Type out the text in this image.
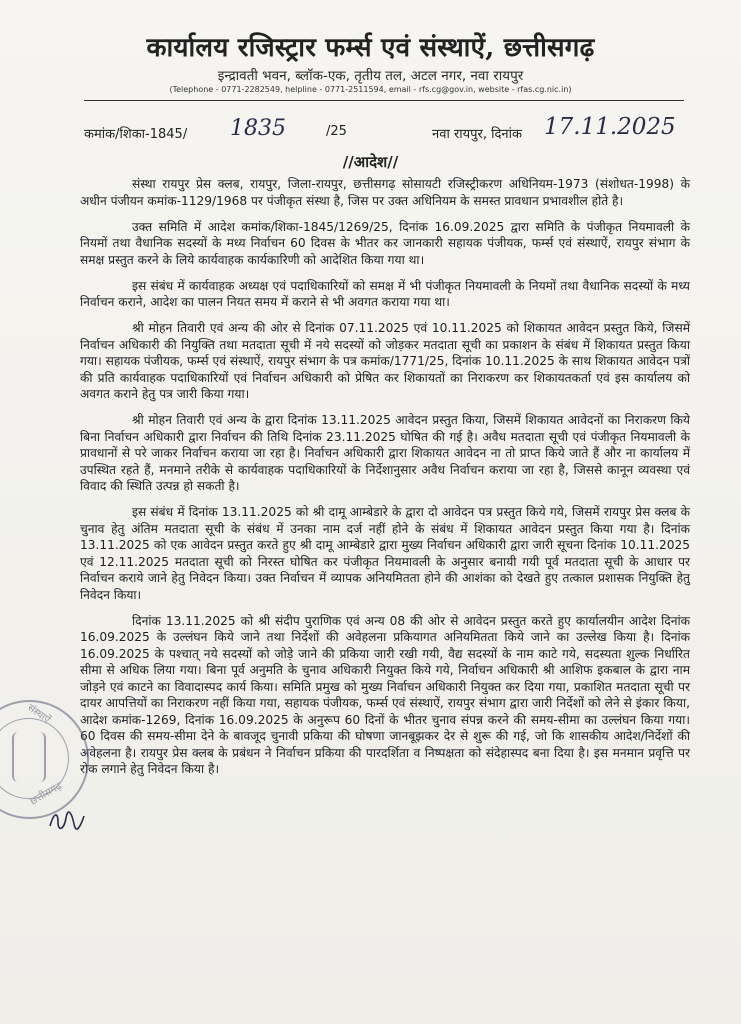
कार्यालय रजिस्ट्रार फर्म्स एवं संस्थाऐं, छत्तीसगढ़
इन्द्रावती भवन, ब्लॉक-एक, तृतीय तल, अटल नगर, नवा रायपुर
(Telephone - 0771-2282549, helpline - 0771-2511594, email - rfs.cg@gov.in, website - rfas.cg.nic.in)
कमांक/शिका-1845/ 1835	/25	नवा रायपुर, दिनांक 17.11.2025
//आदेश//

संस्था रायपुर प्रेस क्लब, रायपुर, जिला-रायपुर, छत्तीसगढ़ सोसायटी रजिस्ट्रीकरण अधिनियम-1973 (संशोधत-1998) के अधीन पंजीयन कमांक-1129/1968 पर पंजीकृत संस्था है, जिस पर उक्त अधिनियम के समस्त प्रावधान प्रभावशील होते है।

उक्त समिति में आदेश कमांक/शिका-1845/1269/25, दिनांक 16.09.2025 द्वारा समिति के पंजीकृत नियमावली के नियमों तथा वैधानिक सदस्यों के मध्य निर्वाचन 60 दिवस के भीतर कर जानकारी सहायक पंजीयक, फर्म्स एवं संस्थाऐं, रायपुर संभाग के समक्ष प्रस्तुत करने के लिये कार्यवाहक कार्यकारिणी को आदेशित किया गया था।

इस संबंध में कार्यवाहक अध्यक्ष एवं पदाधिकारियों को समक्ष में भी पंजीकृत नियमावली के नियमों तथा वैधानिक सदस्यों के मध्य निर्वाचन कराने, आदेश का पालन नियत समय में कराने से भी अवगत कराया गया था।

श्री मोहन तिवारी एवं अन्य की ओर से दिनांक 07.11.2025 एवं 10.11.2025 को शिकायत आवेदन प्रस्तुत किये, जिसमें निर्वाचन अधिकारी की नियुक्ति तथा मतदाता सूची में नये सदस्यों को जोड़कर मतदाता सूची का प्रकाशन के संबंध में शिकायत प्रस्तुत किया गया। सहायक पंजीयक, फर्म्स एवं संस्थाऐं, रायपुर संभाग के पत्र कमांक/1771/25, दिनांक 10.11.2025 के साथ शिकायत आवेदन पत्रों की प्रति कार्यवाहक पदाधिकारियों एवं निर्वाचन अधिकारी को प्रेषित कर शिकायतों का निराकरण कर शिकायतकर्ता एवं इस कार्यालय को अवगत कराने हेतु पत्र जारी किया गया।

श्री मोहन तिवारी एवं अन्य के द्वारा दिनांक 13.11.2025 आवेदन प्रस्तुत किया, जिसमें शिकायत आवेदनों का निराकरण किये बिना निर्वाचन अधिकारी द्वारा निर्वाचन की तिथि दिनांक 23.11.2025 घोषित की गई है। अवैध मतदाता सूची एवं पंजीकृत नियमावली के प्रावधानों से परे जाकर निर्वाचन कराया जा रहा है। निर्वाचन अधिकारी द्वारा शिकायत आवेदन ना तो प्राप्त किये जाते हैं और ना कार्यालय में उपस्थित रहते हैं, मनमाने तरीके से कार्यवाहक पदाधिकारियों के निर्देशानुसार अवैध निर्वाचन कराया जा रहा है, जिससे कानून व्यवस्था एवं विवाद की स्थिति उत्पन्न हो सकती है।

इस संबंध में दिनांक 13.11.2025 को श्री दामू आम्बेडारे के द्वारा दो आवेदन पत्र प्रस्तुत किये गये, जिसमें रायपुर प्रेस क्लब के चुनाव हेतु अंतिम मतदाता सूची के संबंध में उनका नाम दर्ज नहीं होने के संबंध में शिकायत आवेदन प्रस्तुत किया गया है। दिनांक 13.11.2025 को एक आवेदन प्रस्तुत करते हुए श्री दामू आम्बेडारे द्वारा मुख्य निर्वाचन अधिकारी द्वारा जारी सूचना दिनांक 10.11.2025 एवं 12.11.2025 मतदाता सूची को निरस्त घोषित कर पंजीकृत नियमावली के अनुसार बनायी गयी पूर्व मतदाता सूची के आधार पर निर्वाचन कराये जाने हेतु निवेदन किया। उक्त निर्वाचन में व्यापक अनियमितता होने की आशंका को देखते हुए तत्काल प्रशासक नियुक्ति हेतु निवेदन किया।

दिनांक 13.11.2025 को श्री संदीप पुराणिक एवं अन्य 08 की ओर से आवेदन प्रस्तुत करते हुए कार्यालयीन आदेश दिनांक 16.09.2025 के उल्लंघन किये जाने तथा निर्देशों की अवेहलना प्रकियागत अनियमितता किये जाने का उल्लेख किया है। दिनांक 16.09.2025 के पश्चात् नये सदस्यों को जोड़े जाने की प्रकिया जारी रखी गयी, वैद्य सदस्यों के नाम काटे गये, सदस्यता शुल्क निर्धारित सीमा से अधिक लिया गया। बिना पूर्व अनुमति के चुनाव अधिकारी नियुक्त किये गये, निर्वाचन अधिकारी श्री आशिफ इकबाल के द्वारा नाम जोड़ने एवं काटने का विवादास्पद कार्य किया। समिति प्रमुख को मुख्य निर्वाचन अधिकारी नियुक्त कर दिया गया, प्रकाशित मतदाता सूची पर दायर आपत्तियों का निराकरण नहीं किया गया, सहायक पंजीयक, फर्म्स एवं संस्थाऐं, रायपुर संभाग द्वारा जारी निर्देशों को लेने से इंकार किया, आदेश कमांक-1269, दिनांक 16.09.2025 के अनुरूप 60 दिनों के भीतर चुनाव संपन्न करने की समय-सीमा का उल्लंघन किया गया। 60 दिवस की समय-सीमा देने के बावजूद चुनावी प्रकिया की घोषणा जानबूझकर देर से शुरू की गई, जो कि शासकीय आदेश/निर्देशों की अवेहलना है। रायपुर प्रेस क्लब के प्रबंधन ने निर्वाचन प्रकिया की पारदर्शिता व निष्पक्षता को संदेहास्पद बना दिया है। इस मनमान प्रवृत्ति पर रोक लगाने हेतु निवेदन किया है।

संस्थाऐं
छत्तीसगढ़
